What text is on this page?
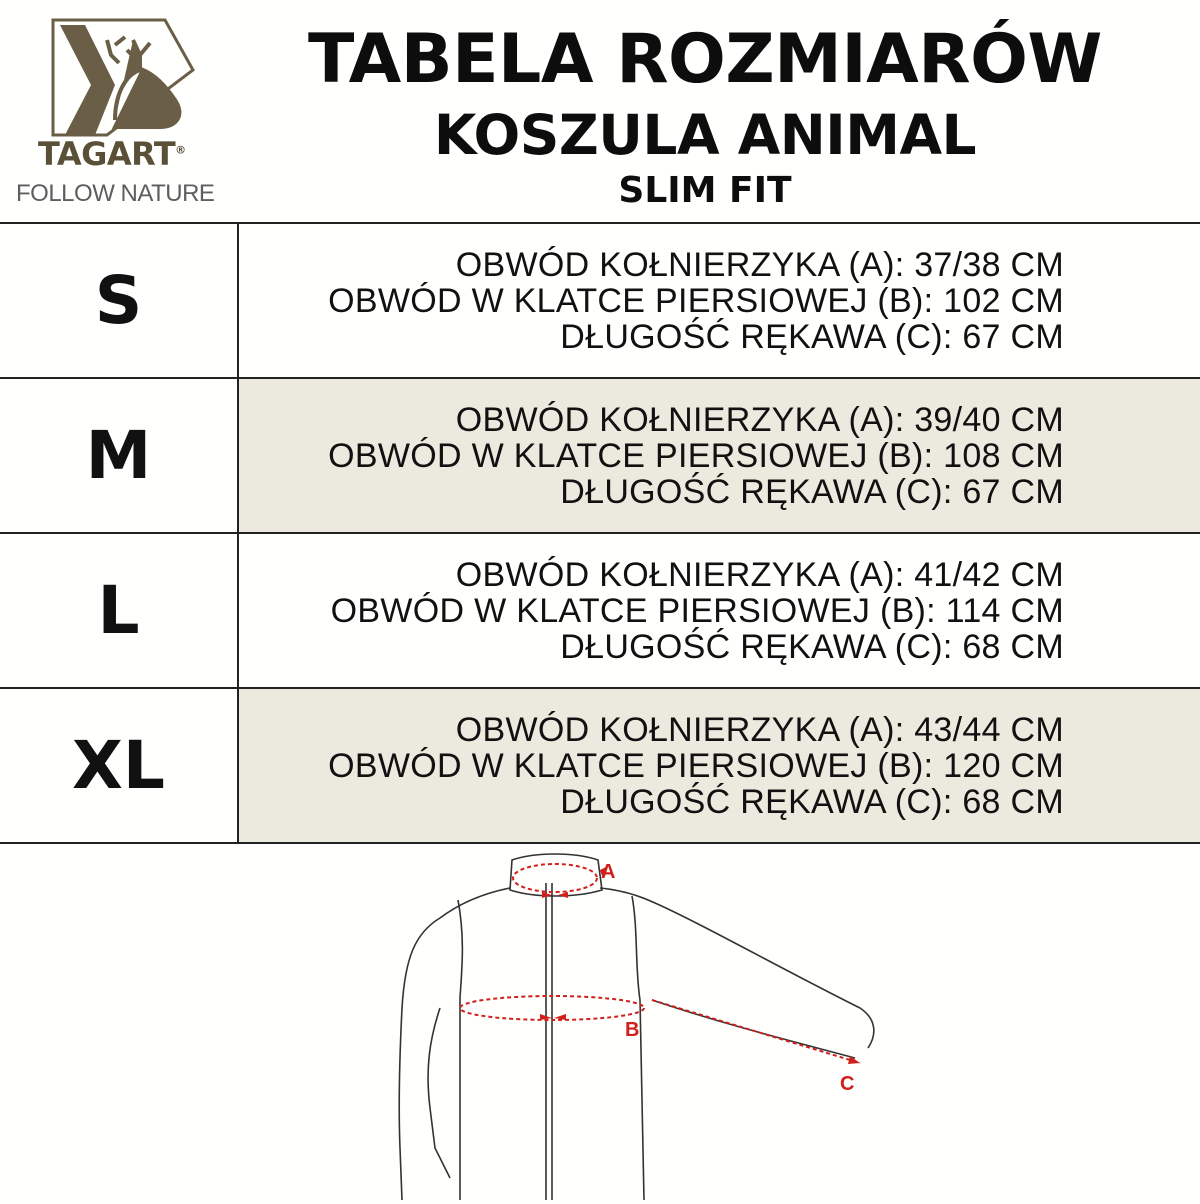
TAGART®
FOLLOW NATURE
TABELA ROZMIARÓW
KOSZULA ANIMAL
SLIM FIT
S	OBWÓD KOŁNIERZYKA (A): 37/38 CM
OBWÓD W KLATCE PIERSIOWEJ (B): 102 CM
DŁUGOŚĆ RĘKAWA (C): 67 CM
M	OBWÓD KOŁNIERZYKA (A): 39/40 CM
OBWÓD W KLATCE PIERSIOWEJ (B): 108 CM
DŁUGOŚĆ RĘKAWA (C): 67 CM
L	OBWÓD KOŁNIERZYKA (A): 41/42 CM
OBWÓD W KLATCE PIERSIOWEJ (B): 114 CM
DŁUGOŚĆ RĘKAWA (C): 68 CM
XL	OBWÓD KOŁNIERZYKA (A): 43/44 CM
OBWÓD W KLATCE PIERSIOWEJ (B): 120 CM
DŁUGOŚĆ RĘKAWA (C): 68 CM
A
B
C
